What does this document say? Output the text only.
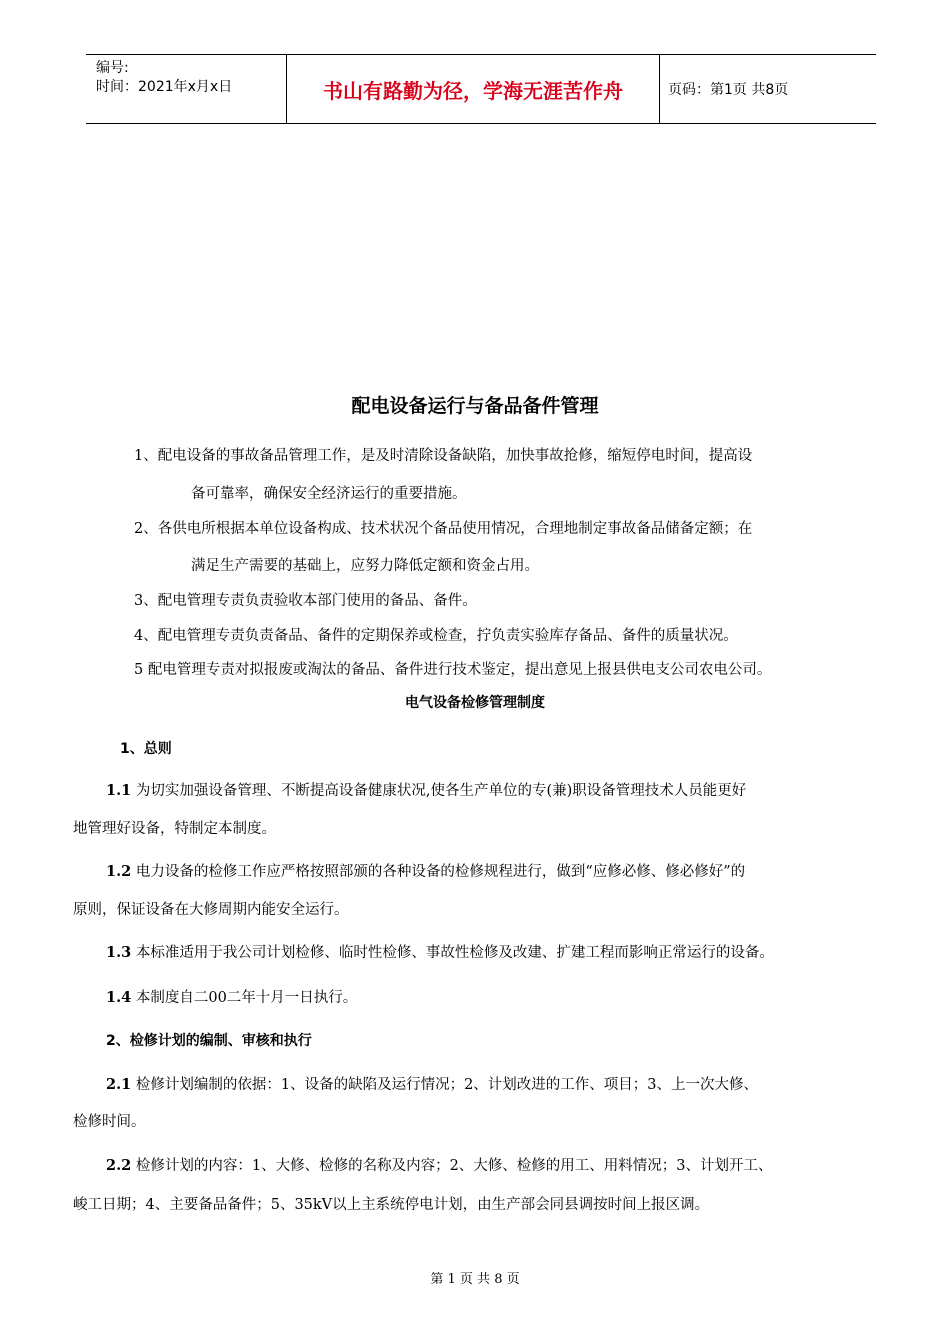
编号:
时间：2021年x月x日	书山有路勤为径，学海无涯苦作舟	页码：第1页 共8页
配电设备运行与备品备件管理
1、配电设备的事故备品管理工作，是及时清除设备缺陷，加快事故抢修，缩短停电时间，提高设
备可靠率，确保安全经济运行的重要措施。
2、各供电所根据本单位设备构成、技术状况个备品使用情况，合理地制定事故备品储备定额；在
满足生产需要的基础上，应努力降低定额和资金占用。
3、配电管理专责负责验收本部门使用的备品、备件。
4、配电管理专责负责备品、备件的定期保养或检查，拧负责实验库存备品、备件的质量状况。
5 配电管理专责对拟报废或淘汰的备品、备件进行技术鉴定，提出意见上报县供电支公司农电公司。
电气设备检修管理制度
1、总则
1.1 为切实加强设备管理、不断提高设备健康状况,使各生产单位的专(兼)职设备管理技术人员能更好
地管理好设备，特制定本制度。
1.2 电力设备的检修工作应严格按照部颁的各种设备的检修规程进行，做到“应修必修、修必修好”的
原则，保证设备在大修周期内能安全运行。
1.3 本标准适用于我公司计划检修、临时性检修、事故性检修及改建、扩建工程而影响正常运行的设备。
1.4 本制度自二00二年十月一日执行。
2、检修计划的编制、审核和执行
2.1 检修计划编制的依据：1、设备的缺陷及运行情况；2、计划改进的工作、项目；3、上一次大修、
检修时间。
2.2 检修计划的内容：1、大修、检修的名称及内容；2、大修、检修的用工、用料情况；3、计划开工、
峻工日期；4、主要备品备件；5、35kV以上主系统停电计划，由生产部会同县调按时间上报区调。
第 1 页 共 8 页
